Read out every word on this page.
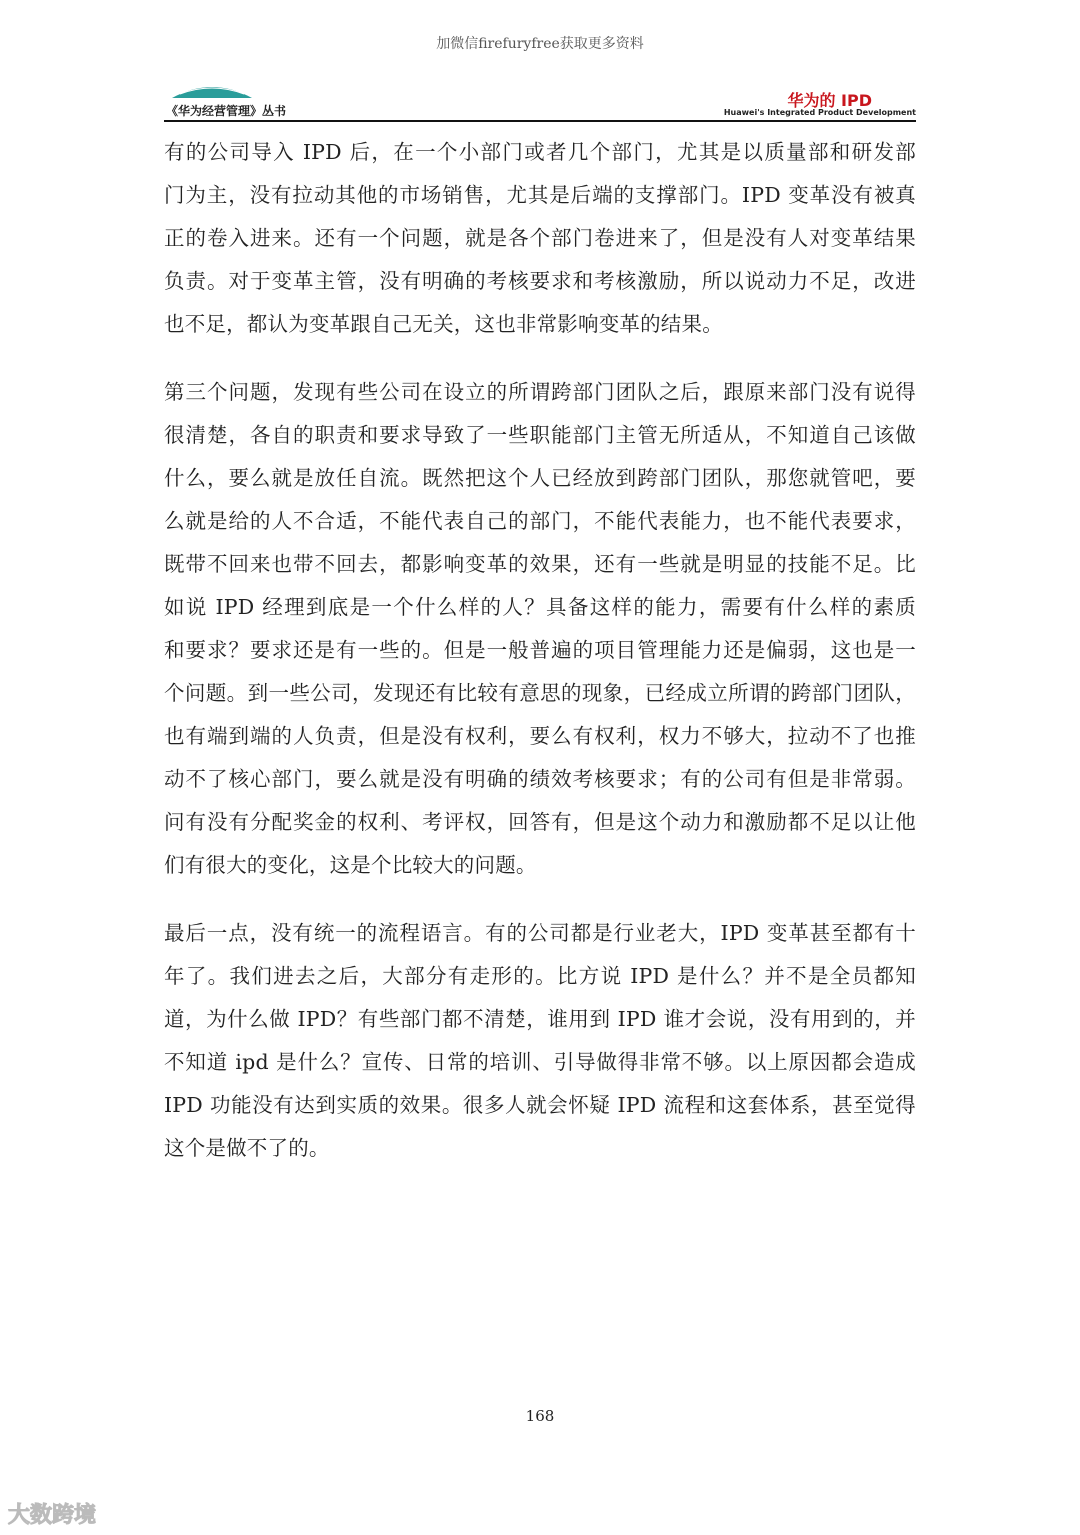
加微信firefuryfree获取更多资料
《华为经营管理》丛书
华为的 IPD
Huawei's Integrated Product Development
有的公司导入 IPD 后，在一个小部门或者几个部门，尤其是以质量部和研发部
门为主，没有拉动其他的市场销售，尤其是后端的支撑部门。IPD 变革没有被真
正的卷入进来。还有一个问题，就是各个部门卷进来了，但是没有人对变革结果
负责。对于变革主管，没有明确的考核要求和考核激励，所以说动力不足，改进
也不足，都认为变革跟自己无关，这也非常影响变革的结果。
第三个问题，发现有些公司在设立的所谓跨部门团队之后，跟原来部门没有说得
很清楚，各自的职责和要求导致了一些职能部门主管无所适从，不知道自己该做
什么，要么就是放任自流。既然把这个人已经放到跨部门团队，那您就管吧，要
么就是给的人不合适，不能代表自己的部门，不能代表能力，也不能代表要求，
既带不回来也带不回去，都影响变革的效果，还有一些就是明显的技能不足。比
如说 IPD 经理到底是一个什么样的人？具备这样的能力，需要有什么样的素质
和要求？要求还是有一些的。但是一般普遍的项目管理能力还是偏弱，这也是一
个问题。到一些公司，发现还有比较有意思的现象，已经成立所谓的跨部门团队，
也有端到端的人负责，但是没有权利，要么有权利，权力不够大，拉动不了也推
动不了核心部门，要么就是没有明确的绩效考核要求；有的公司有但是非常弱。
问有没有分配奖金的权利、考评权，回答有，但是这个动力和激励都不足以让他
们有很大的变化，这是个比较大的问题。
最后一点，没有统一的流程语言。有的公司都是行业老大，IPD 变革甚至都有十
年了。我们进去之后，大部分有走形的。比方说 IPD 是什么？并不是全员都知
道，为什么做 IPD？有些部门都不清楚，谁用到 IPD 谁才会说，没有用到的，并
不知道 ipd 是什么？宣传、日常的培训、引导做得非常不够。以上原因都会造成
IPD 功能没有达到实质的效果。很多人就会怀疑 IPD 流程和这套体系，甚至觉得
这个是做不了的。
168
大数跨境
